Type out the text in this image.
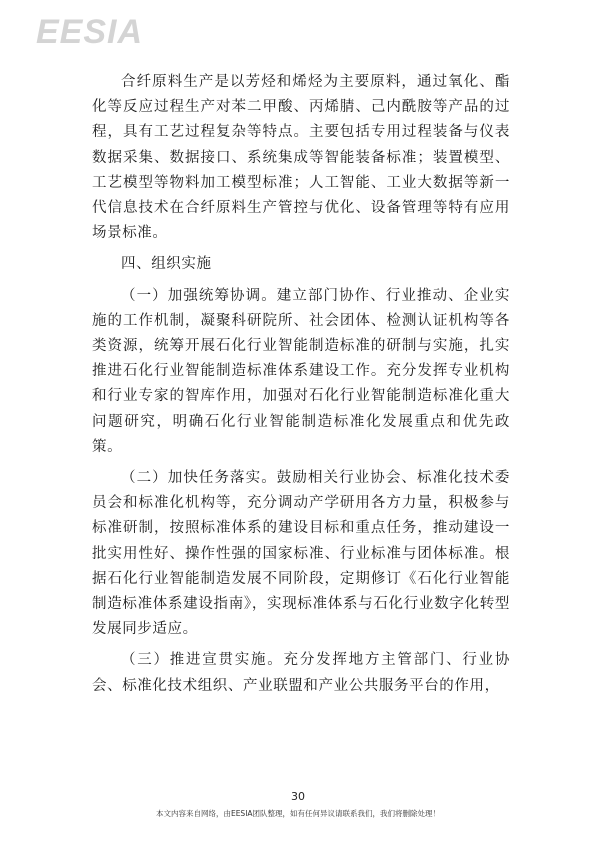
EESIA

合纤原料生产是以芳烃和烯烃为主要原料，通过氧化、酯化等反应过程生产对苯二甲酸、丙烯腈、己内酰胺等产品的过程，具有工艺过程复杂等特点。主要包括专用过程装备与仪表数据采集、数据接口、系统集成等智能装备标准；装置模型、工艺模型等物料加工模型标准；人工智能、工业大数据等新一代信息技术在合纤原料生产管控与优化、设备管理等特有应用场景标准。

四、组织实施

（一）加强统筹协调。建立部门协作、行业推动、企业实施的工作机制，凝聚科研院所、社会团体、检测认证机构等各类资源，统筹开展石化行业智能制造标准的研制与实施，扎实推进石化行业智能制造标准体系建设工作。充分发挥专业机构和行业专家的智库作用，加强对石化行业智能制造标准化重大问题研究，明确石化行业智能制造标准化发展重点和优先政策。

（二）加快任务落实。鼓励相关行业协会、标准化技术委员会和标准化机构等，充分调动产学研用各方力量，积极参与标准研制，按照标准体系的建设目标和重点任务，推动建设一批实用性好、操作性强的国家标准、行业标准与团体标准。根据石化行业智能制造发展不同阶段，定期修订《石化行业智能制造标准体系建设指南》，实现标准体系与石化行业数字化转型发展同步适应。

（三）推进宣贯实施。充分发挥地方主管部门、行业协会、标准化技术组织、产业联盟和产业公共服务平台的作用，

30
本文内容来自网络，由EESIA团队整理，如有任何异议请联系我们，我们将删除处理！
